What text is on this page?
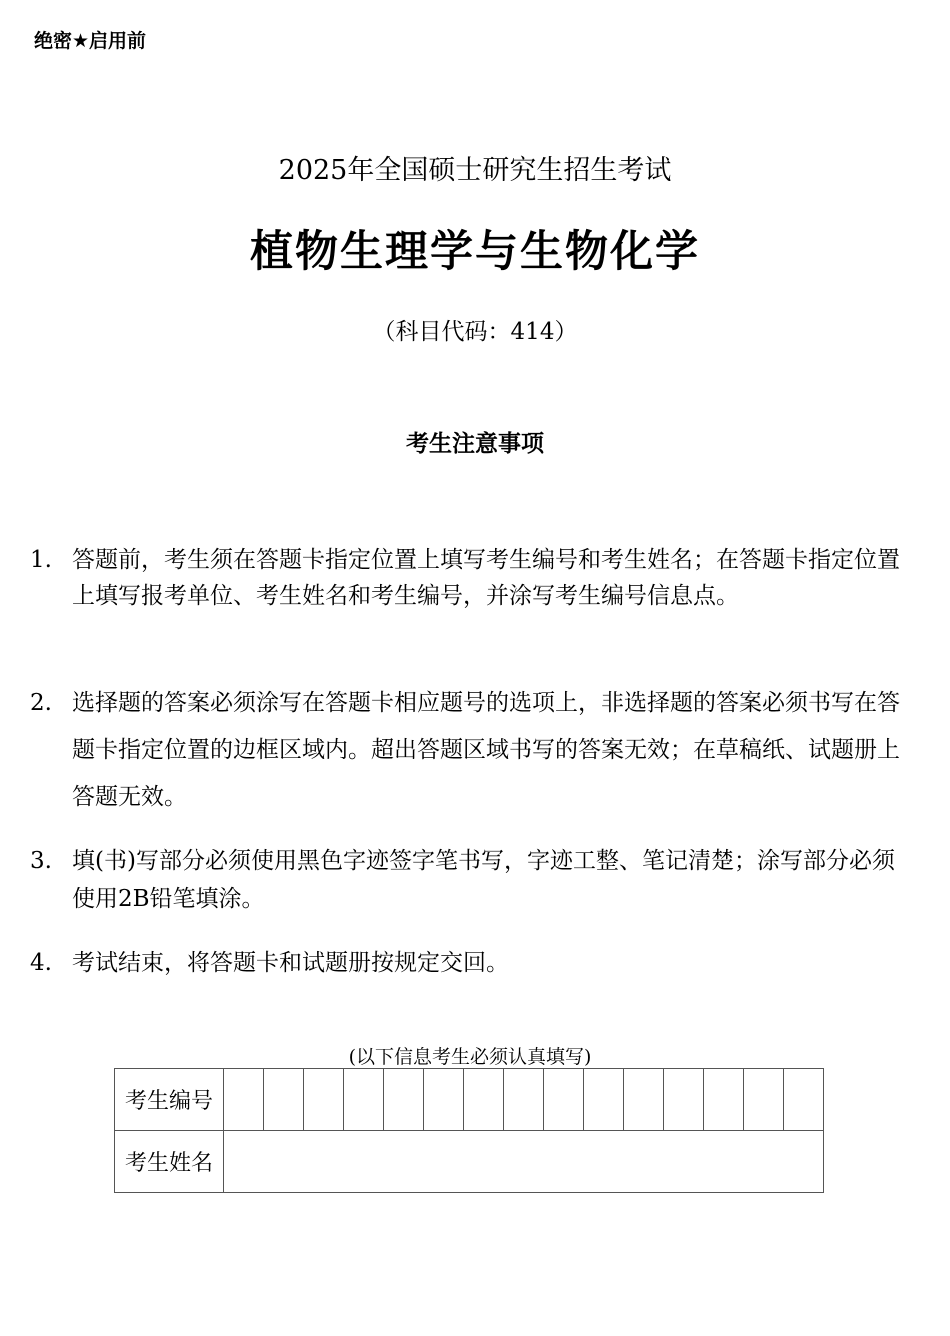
绝密★启用前
2025年全国硕士研究生招生考试
植物生理学与生物化学
（科目代码：414）
考生注意事项
1. 答题前，考生须在答题卡指定位置上填写考生编号和考生姓名；在答题卡指定位置上填写报考单位、考生姓名和考生编号，并涂写考生编号信息点。
2. 选择题的答案必须涂写在答题卡相应题号的选项上，非选择题的答案必须书写在答题卡指定位置的边框区域内。超出答题区域书写的答案无效；在草稿纸、试题册上答题无效。
3. 填(书)写部分必须使用黑色字迹签字笔书写，字迹工整、笔记清楚；涂写部分必须使用2B铅笔填涂。
4. 考试结束，将答题卡和试题册按规定交回。
(以下信息考生必须认真填写)
考生编号															
考生姓名															
